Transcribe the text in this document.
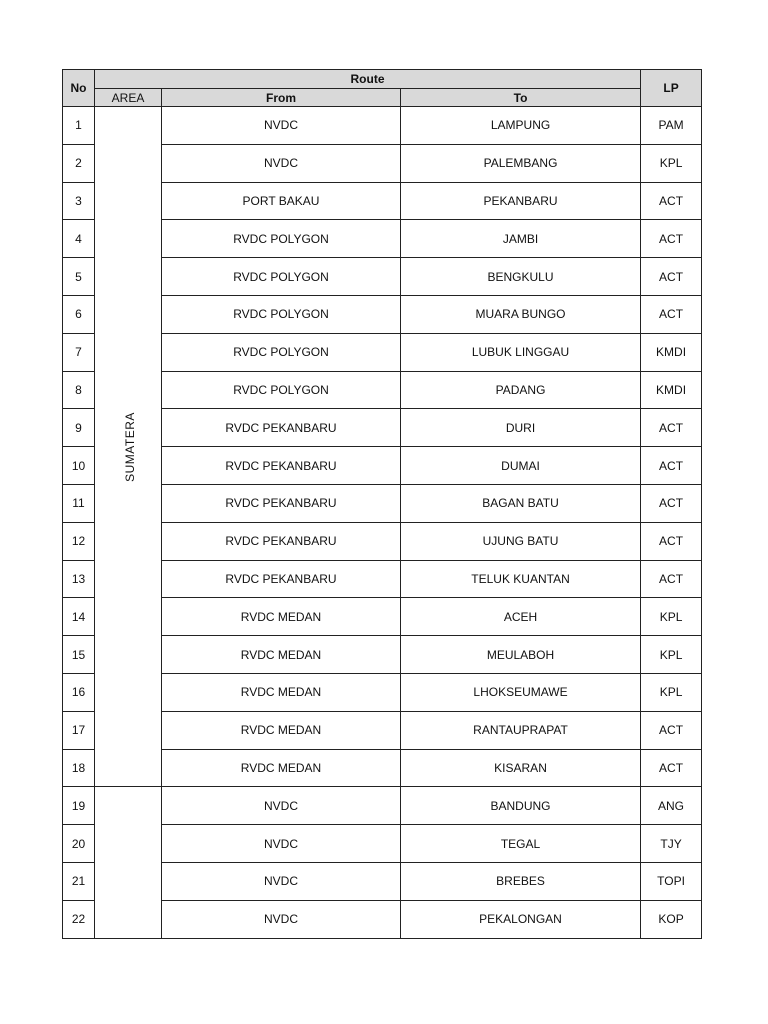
No	Route			LP
	AREA	From	To	
1	SUMATERA	NVDC	LAMPUNG	PAM
2		NVDC	PALEMBANG	KPL
3		PORT BAKAU	PEKANBARU	ACT
4		RVDC POLYGON	JAMBI	ACT
5		RVDC POLYGON	BENGKULU	ACT
6		RVDC POLYGON	MUARA BUNGO	ACT
7		RVDC POLYGON	LUBUK LINGGAU	KMDI
8		RVDC POLYGON	PADANG	KMDI
9		RVDC PEKANBARU	DURI	ACT
10		RVDC PEKANBARU	DUMAI	ACT
11		RVDC PEKANBARU	BAGAN BATU	ACT
12		RVDC PEKANBARU	UJUNG BATU	ACT
13		RVDC PEKANBARU	TELUK KUANTAN	ACT
14		RVDC MEDAN	ACEH	KPL
15		RVDC MEDAN	MEULABOH	KPL
16		RVDC MEDAN	LHOKSEUMAWE	KPL
17		RVDC MEDAN	RANTAUPRAPAT	ACT
18		RVDC MEDAN	KISARAN	ACT
19		NVDC	BANDUNG	ANG
20		NVDC	TEGAL	TJY
21		NVDC	BREBES	TOPI
22		NVDC	PEKALONGAN	KOP
